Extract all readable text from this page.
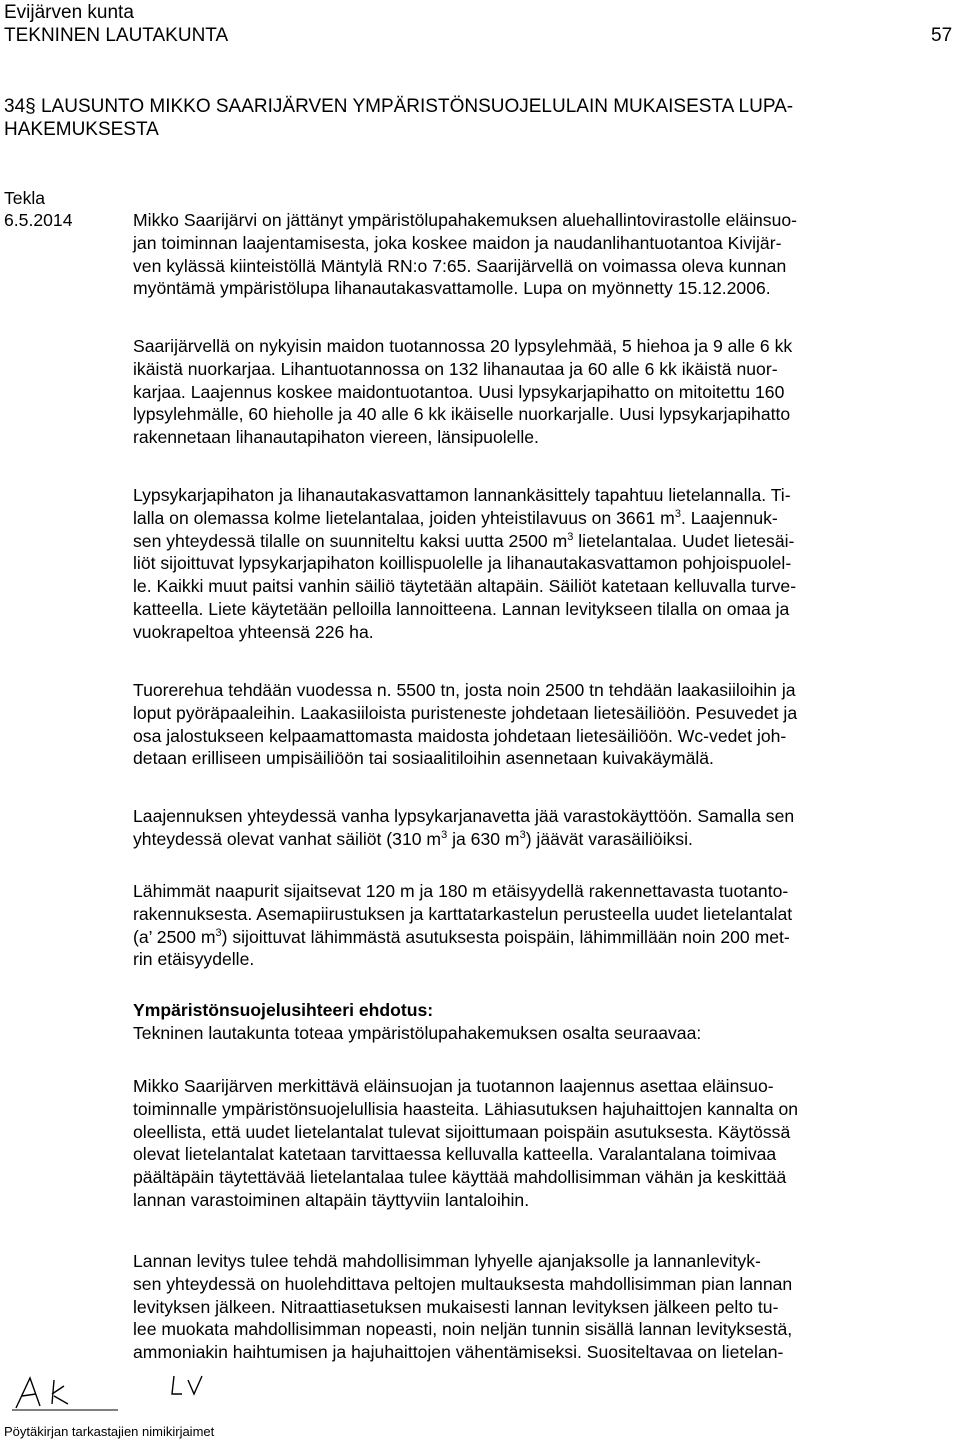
Evijärven kunta
TEKNINEN LAUTAKUNTA	57
34§ LAUSUNTO MIKKO SAARIJÄRVEN YMPÄRISTÖNSUOJELULAIN MUKAISESTA LUPA-
HAKEMUKSESTA
Tekla
6.5.2014	Mikko Saarijärvi on jättänyt ympäristölupahakemuksen aluehallintovirastolle eläinsuo-
jan toiminnan laajentamisesta, joka koskee maidon ja naudanlihantuotantoa Kivijär-
ven kylässä kiinteistöllä Mäntylä RN:o 7:65. Saarijärvellä on voimassa oleva kunnan
myöntämä ympäristölupa lihanautakasvattamolle. Lupa on myönnetty 15.12.2006.

Saarijärvellä on nykyisin maidon tuotannossa 20 lypsylehmää, 5 hiehoa ja 9 alle 6 kk
ikäistä nuorkarjaa. Lihantuotannossa on 132 lihanautaa ja 60 alle 6 kk ikäistä nuor-
karjaa. Laajennus koskee maidontuotantoa. Uusi lypsykarjapihatto on mitoitettu 160
lypsylehmälle, 60 hieholle ja 40 alle 6 kk ikäiselle nuorkarjalle. Uusi lypsykarjapihatto
rakennetaan lihanautapihaton viereen, länsipuolelle.

Lypsykarjapihaton ja lihanautakasvattamon lannankäsittely tapahtuu lietelannalla. Ti-
lalla on olemassa kolme lietelantalaa, joiden yhteistilavuus on 3661 $m^3$. Laajennuk-
sen yhteydessä tilalle on suunniteltu kaksi uutta 2500 $m^3$ lietelantalaa. Uudet lietesäi-
liöt sijoittuvat lypsykarjapihaton koillispuolelle ja lihanautakasvattamon pohjoispuolel-
le. Kaikki muut paitsi vanhin säiliö täytetään altapäin. Säiliöt katetaan kelluvalla turve-
katteella. Liete käytetään pelloilla lannoitteena. Lannan levitykseen tilalla on omaa ja
vuokrapeltoa yhteensä 226 ha.

Tuorerehua tehdään vuodessa n. 5500 tn, josta noin 2500 tn tehdään laakasiiloihin ja
loput pyöräpaaleihin. Laakasiiloista puristeneste johdetaan lietesäiliöön. Pesuvedet ja
osa jalostukseen kelpaamattomasta maidosta johdetaan lietesäiliöön. Wc-vedet joh-
detaan erilliseen umpisäiliöön tai sosiaalitiloihin asennetaan kuivakäymälä.

Laajennuksen yhteydessä vanha lypsykarjanavetta jää varastokäyttöön. Samalla sen
yhteydessä olevat vanhat säiliöt (310 $m^3$ ja 630 $m^3$) jäävät varasäiliöiksi.

Lähimmät naapurit sijaitsevat 120 m ja 180 m etäisyydellä rakennettavasta tuotanto-
rakennuksesta. Asemapiirustuksen ja karttatarkastelun perusteella uudet lietelantalat
(a’ 2500 $m^3$) sijoittuvat lähimmästä asutuksesta poispäin, lähimmillään noin 200 met-
rin etäisyydelle.

Ympäristönsuojelusihteeri ehdotus:
Tekninen lautakunta toteaa ympäristölupahakemuksen osalta seuraavaa:

Mikko Saarijärven merkittävä eläinsuojan ja tuotannon laajennus asettaa eläinsuo-
toiminnalle ympäristönsuojelullisia haasteita. Lähiasutuksen hajuhaittojen kannalta on
oleellista, että uudet lietelantalat tulevat sijoittumaan poispäin asutuksesta. Käytössä
olevat lietelantalat katetaan tarvittaessa kelluvalla katteella. Varalantalana toimivaa
päältäpäin täytettävää lietelantalaa tulee käyttää mahdollisimman vähän ja keskittää
lannan varastoiminen altapäin täyttyviin lantaloihin.

Lannan levitys tulee tehdä mahdollisimman lyhyelle ajanjaksolle ja lannanlevityk-
sen yhteydessä on huolehdittava peltojen multauksesta mahdollisimman pian lannan
levityksen jälkeen. Nitraattiasetuksen mukaisesti lannan levityksen jälkeen pelto tu-
lee muokata mahdollisimman nopeasti, noin neljän tunnin sisällä lannan levityksestä,
ammoniakin haihtumisen ja hajuhaittojen vähentämiseksi. Suositeltavaa on lietelan-

Pöytäkirjan tarkastajien nimikirjaimet
